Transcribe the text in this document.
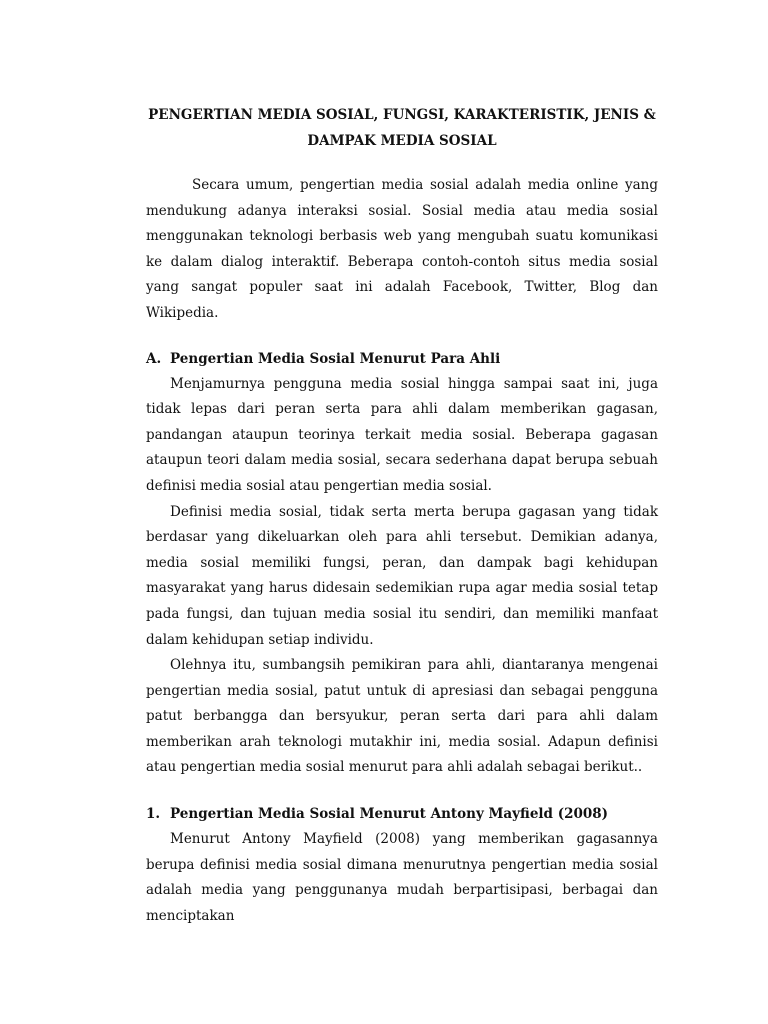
PENGERTIAN MEDIA SOSIAL, FUNGSI, KARAKTERISTIK, JENIS &
DAMPAK MEDIA SOSIAL

Secara umum, pengertian media sosial adalah media online yang mendukung adanya interaksi sosial. Sosial media atau media sosial menggunakan teknologi berbasis web yang mengubah suatu komunikasi ke dalam dialog interaktif. Beberapa contoh-contoh situs media sosial yang sangat populer saat ini adalah Facebook, Twitter, Blog dan Wikipedia.

A. Pengertian Media Sosial Menurut Para Ahli

Menjamurnya pengguna media sosial hingga sampai saat ini, juga tidak lepas dari peran serta para ahli dalam memberikan gagasan, pandangan ataupun teorinya terkait media sosial. Beberapa gagasan ataupun teori dalam media sosial, secara sederhana dapat berupa sebuah definisi media sosial atau pengertian media sosial.

Definisi media sosial, tidak serta merta berupa gagasan yang tidak berdasar yang dikeluarkan oleh para ahli tersebut. Demikian adanya, media sosial memiliki fungsi, peran, dan dampak bagi kehidupan masyarakat yang harus didesain sedemikian rupa agar media sosial tetap pada fungsi, dan tujuan media sosial itu sendiri, dan memiliki manfaat dalam kehidupan setiap individu.

Olehnya itu, sumbangsih pemikiran para ahli, diantaranya mengenai pengertian media sosial, patut untuk di apresiasi dan sebagai pengguna patut berbangga dan bersyukur, peran serta dari para ahli dalam memberikan arah teknologi mutakhir ini, media sosial. Adapun definisi atau pengertian media sosial menurut para ahli adalah sebagai berikut..

1. Pengertian Media Sosial Menurut Antony Mayfield (2008)

Menurut Antony Mayfield (2008) yang memberikan gagasannya berupa definisi media sosial dimana menurutnya pengertian media sosial adalah media yang penggunanya mudah berpartisipasi, berbagai dan menciptakan
